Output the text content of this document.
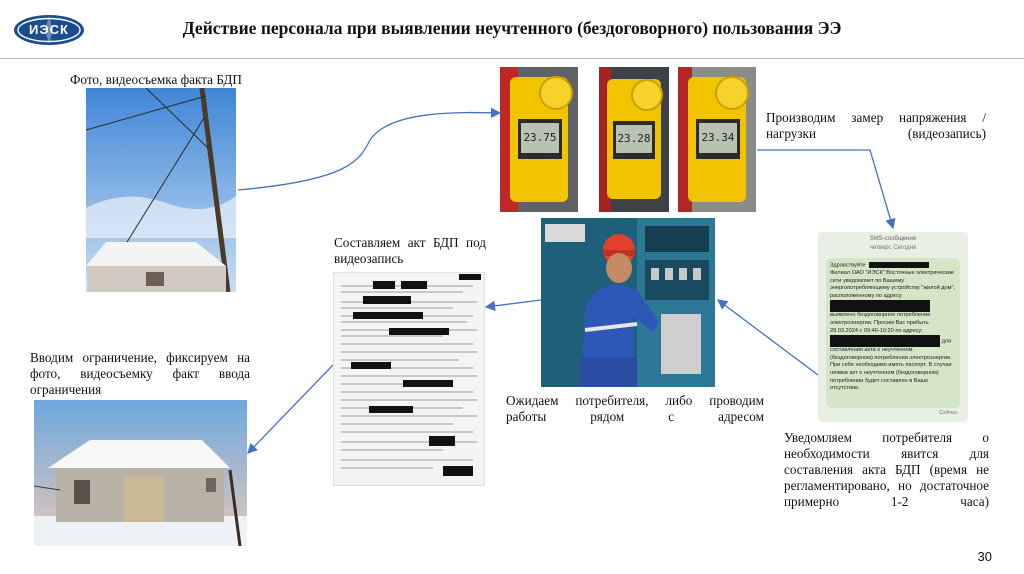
ИЭСК	Действие персонала при выявлении неучтенного (бездоговорного) пользования ЭЭ
Фото, видеосъемка факта БДП
23.75	23.28	23.34
Производим замер напряжения / нагрузки (видеозапись)
Составляем акт БДП под видеозапись
SMS-сообщение
четверг, Сегодня
Здравствуйте
Филиал ОАО "ИЭСК" Восточные электрические сети уведомляет по Вашему энергопотребляющему устройству "жилой дом", расположенному по адресу  выявлено бездоговорное потребление электроэнергии. Просим Вас прибыть 28.03.2024 с 09:40-10:20 по адресу:  для составления акта о неучтенном (бездоговорном) потреблении электроэнергии. При себе необходимо иметь паспорт. В случае неявки акт о неучтенном (бездоговорном) потреблении будет составлен в Ваше отсутствие.
Сейчас
Вводим ограничение, фиксируем на фото, видеосъемку факт ввода ограничения
Ожидаем потребителя, либо проводим работы рядом с адресом
Уведомляем потребителя о необходимости явится для составления акта БДП (время не регламентировано, но достаточное примерно 1-2 часа)
30
